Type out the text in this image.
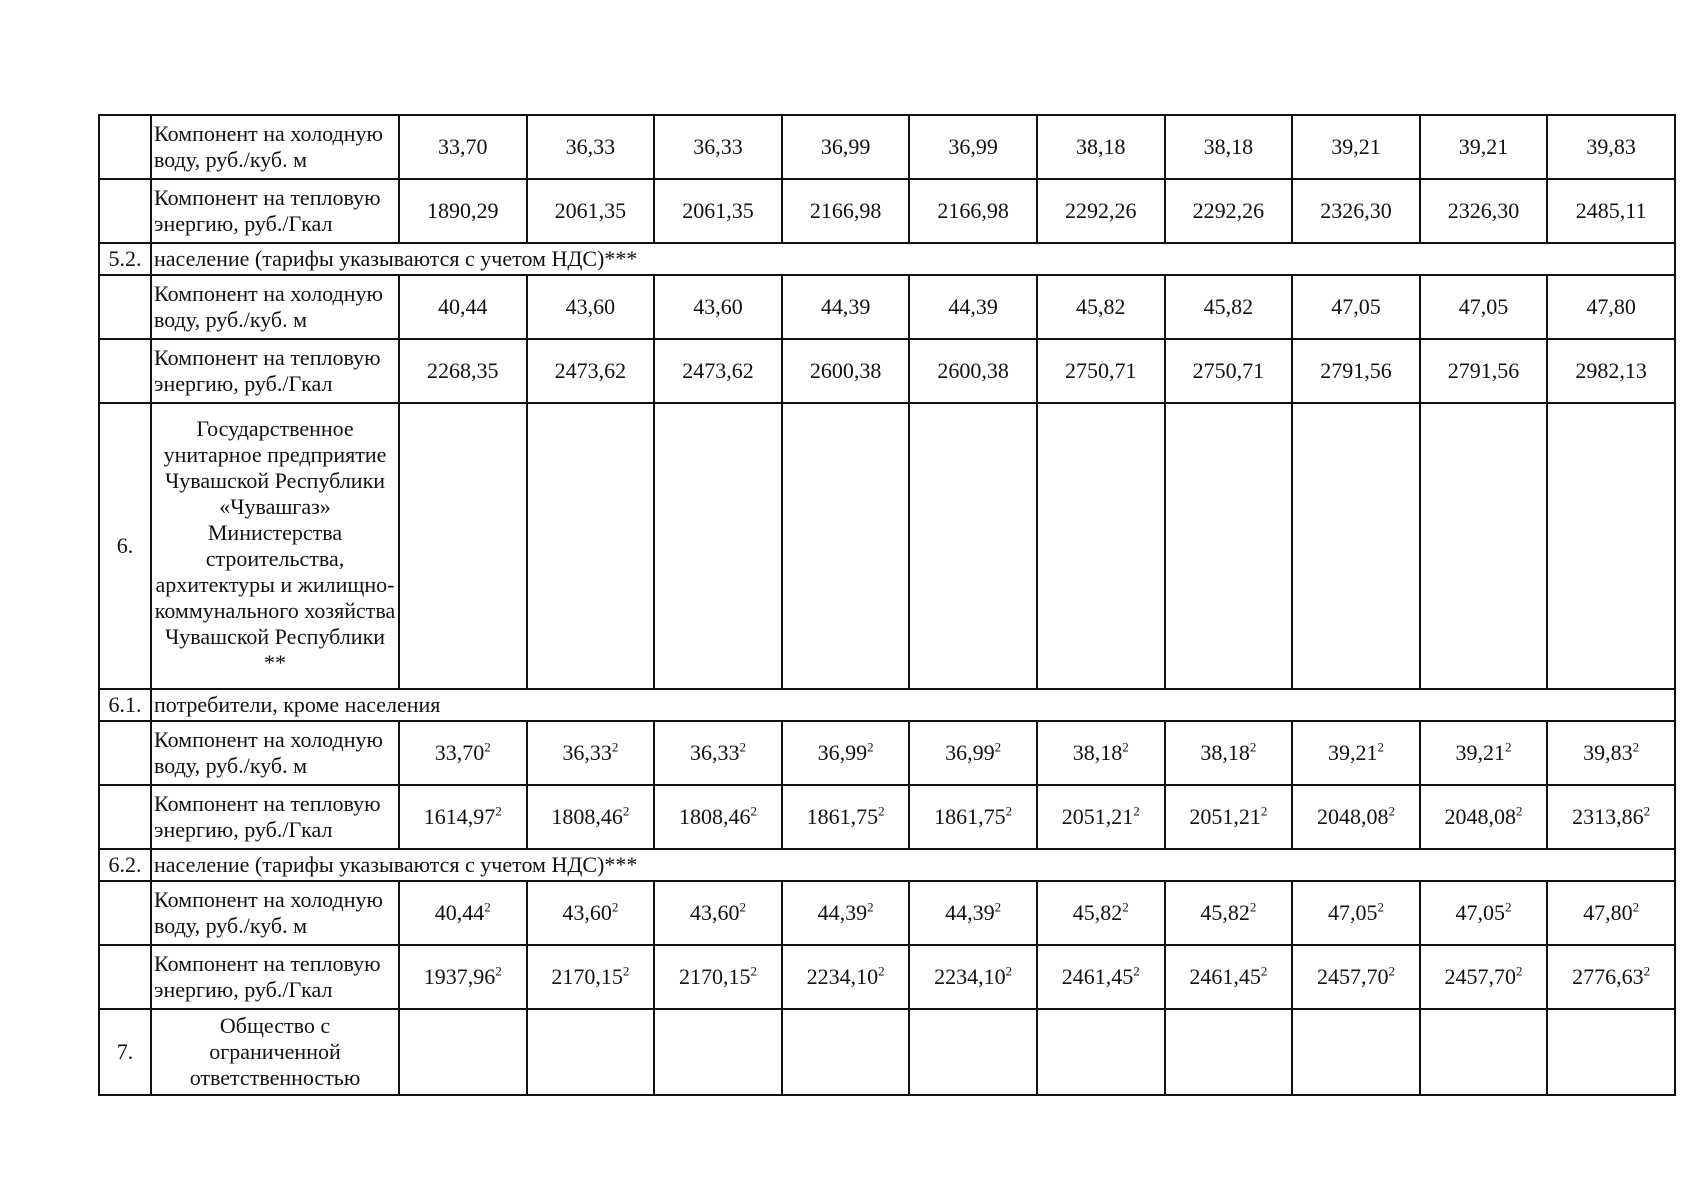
	Компонент на холодную воду, руб./куб. м	33,70	36,33	36,33	36,99	36,99	38,18	38,18	39,21	39,21	39,83
	Компонент на тепловую энергию, руб./Гкал	1890,29	2061,35	2061,35	2166,98	2166,98	2292,26	2292,26	2326,30	2326,30	2485,11
5.2.	население (тарифы указываются с учетом НДС)***										
	Компонент на холодную воду, руб./куб. м	40,44	43,60	43,60	44,39	44,39	45,82	45,82	47,05	47,05	47,80
	Компонент на тепловую энергию, руб./Гкал	2268,35	2473,62	2473,62	2600,38	2600,38	2750,71	2750,71	2791,56	2791,56	2982,13
6.	Государственное унитарное предприятие Чувашской Республики «Чувашгаз» Министерства строительства, архитектуры и жилищно-коммунального хозяйства Чувашской Республики **										
6.1.	потребители, кроме населения										
	Компонент на холодную воду, руб./куб. м	33,70$^2$	36,33$^2$	36,33$^2$	36,99$^2$	36,99$^2$	38,18$^2$	38,18$^2$	39,21$^2$	39,21$^2$	39,83$^2$
	Компонент на тепловую энергию, руб./Гкал	1614,97$^2$	1808,46$^2$	1808,46$^2$	1861,75$^2$	1861,75$^2$	2051,21$^2$	2051,21$^2$	2048,08$^2$	2048,08$^2$	2313,86$^2$
6.2.	население (тарифы указываются с учетом НДС)***										
	Компонент на холодную воду, руб./куб. м	40,44$^2$	43,60$^2$	43,60$^2$	44,39$^2$	44,39$^2$	45,82$^2$	45,82$^2$	47,05$^2$	47,05$^2$	47,80$^2$
	Компонент на тепловую энергию, руб./Гкал	1937,96$^2$	2170,15$^2$	2170,15$^2$	2234,10$^2$	2234,10$^2$	2461,45$^2$	2461,45$^2$	2457,70$^2$	2457,70$^2$	2776,63$^2$
7.	Общество с ограниченной ответственностью										
